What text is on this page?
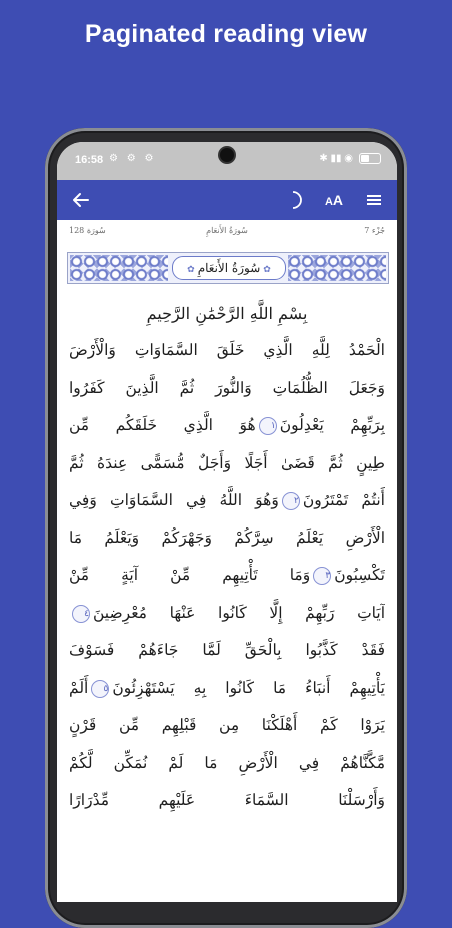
Paginated reading view
16:58 ⚙ ⚙ ⚙	✱ ▮▮ ◉
A A
سُورَة 128	سُورَةُ الأَنعَامِ	جُزْء 7
✿سُورَةُ الأَنعَامِ✿
بِسْمِ اللَّهِ الرَّحْمَٰنِ الرَّحِيمِ
الْحَمْدُ لِلَّهِ الَّذِي خَلَقَ السَّمَاوَاتِ وَالْأَرْضَ
وَجَعَلَ الظُّلُمَاتِ وَالنُّورَ ثُمَّ الَّذِينَ كَفَرُوا
بِرَبِّهِمْ يَعْدِلُونَ١هُوَ الَّذِي خَلَقَكُم مِّن
طِينٍ ثُمَّ قَضَىٰ أَجَلًا وَأَجَلٌ مُّسَمًّى عِندَهُ ثُمَّ
أَنتُمْ تَمْتَرُونَ٢وَهُوَ اللَّهُ فِي السَّمَاوَاتِ وَفِي
الْأَرْضِ يَعْلَمُ سِرَّكُمْ وَجَهْرَكُمْ وَيَعْلَمُ مَا
تَكْسِبُونَ٣وَمَا تَأْتِيهِم مِّنْ آيَةٍ مِّنْ
آيَاتِ رَبِّهِمْ إِلَّا كَانُوا عَنْهَا مُعْرِضِينَ٤
فَقَدْ كَذَّبُوا بِالْحَقِّ لَمَّا جَاءَهُمْ فَسَوْفَ
يَأْتِيهِمْ أَنبَاءُ مَا كَانُوا بِهِ يَسْتَهْزِئُونَ٥أَلَمْ
يَرَوْا كَمْ أَهْلَكْنَا مِن قَبْلِهِم مِّن قَرْنٍ
مَّكَّنَّاهُمْ فِي الْأَرْضِ مَا لَمْ نُمَكِّن لَّكُمْ
وَأَرْسَلْنَا السَّمَاءَ عَلَيْهِم مِّدْرَارًا
